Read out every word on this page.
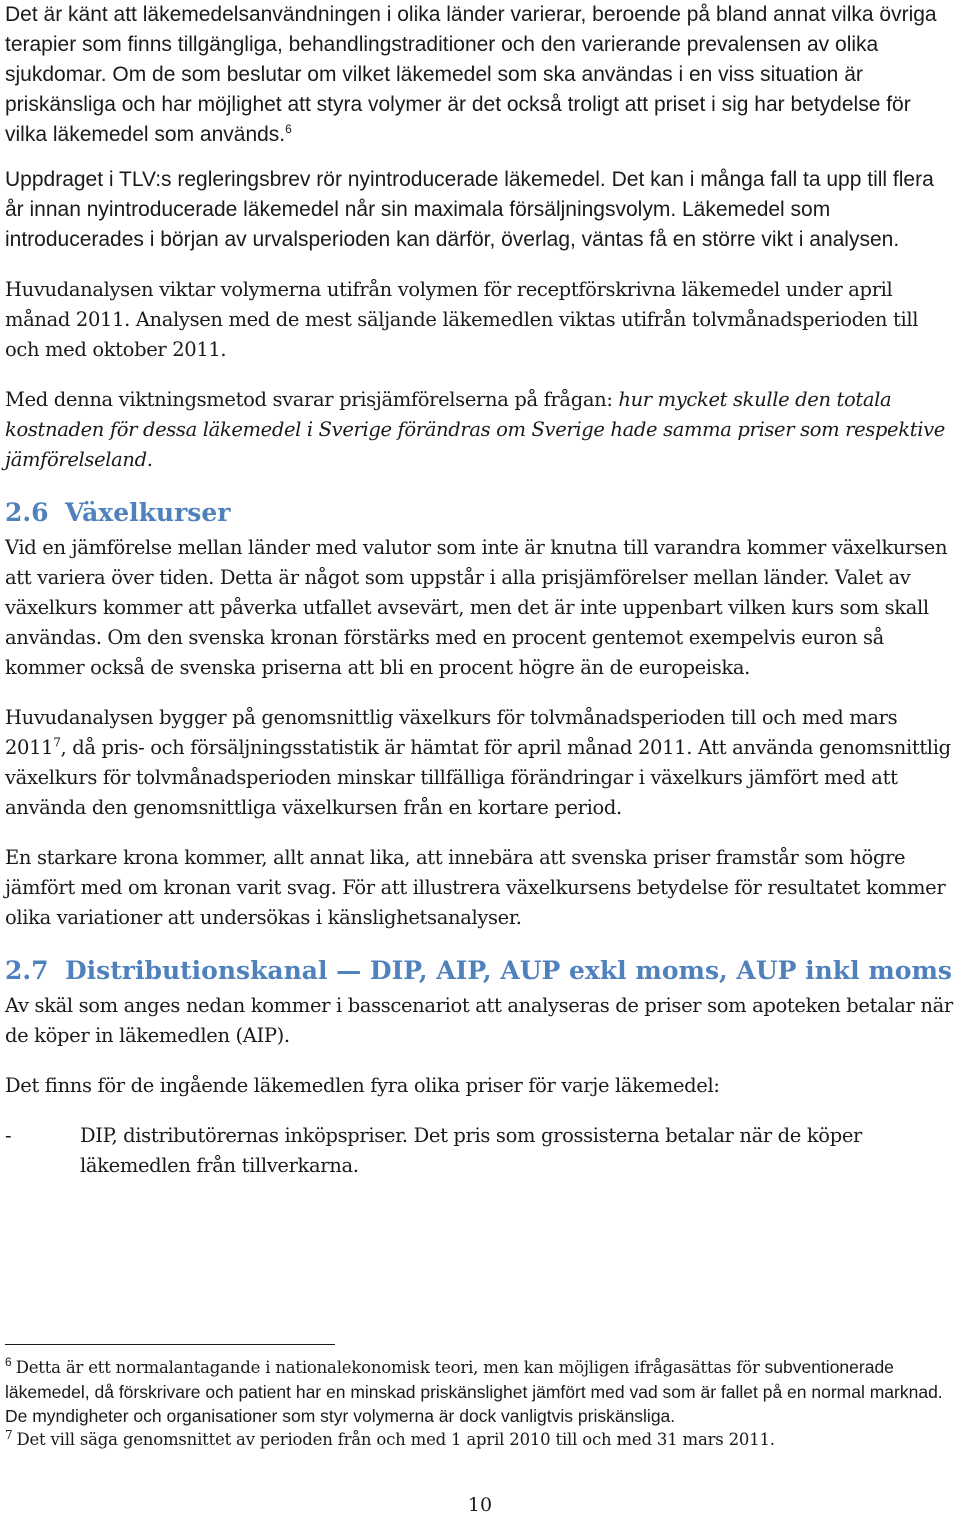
Det är känt att läkemedelsanvändningen i olika länder varierar, beroende på bland annat vilka övriga terapier som finns tillgängliga, behandlingstraditioner och den varierande prevalensen av olika sjukdomar. Om de som beslutar om vilket läkemedel som ska användas i en viss situation är priskänsliga och har möjlighet att styra volymer är det också troligt att priset i sig har betydelse för vilka läkemedel som används.$^6$

Uppdraget i TLV:s regleringsbrev rör nyintroducerade läkemedel. Det kan i många fall ta upp till flera år innan nyintroducerade läkemedel når sin maximala försäljningsvolym. Läkemedel som introducerades i början av urvalsperioden kan därför, överlag, väntas få en större vikt i analysen.

Huvudanalysen viktar volymerna utifrån volymen för receptförskrivna läkemedel under april månad 2011. Analysen med de mest säljande läkemedlen viktas utifrån tolvmånadsperioden till och med oktober 2011.

Med denna viktningsmetod svarar prisjämförelserna på frågan: hur mycket skulle den totala kostnaden för dessa läkemedel i Sverige förändras om Sverige hade samma priser som respektive jämförelseland.

2.6 Växelkurser

Vid en jämförelse mellan länder med valutor som inte är knutna till varandra kommer växelkursen att variera över tiden. Detta är något som uppstår i alla prisjämförelser mellan länder. Valet av växelkurs kommer att påverka utfallet avsevärt, men det är inte uppenbart vilken kurs som skall användas. Om den svenska kronan förstärks med en procent gentemot exempelvis euron så kommer också de svenska priserna att bli en procent högre än de europeiska.

Huvudanalysen bygger på genomsnittlig växelkurs för tolvmånadsperioden till och med mars 2011$^7$, då pris- och försäljningsstatistik är hämtat för april månad 2011. Att använda genomsnittlig växelkurs för tolvmånadsperioden minskar tillfälliga förändringar i växelkurs jämfört med att använda den genomsnittliga växelkursen från en kortare period.

En starkare krona kommer, allt annat lika, att innebära att svenska priser framstår som högre jämfört med om kronan varit svag. För att illustrera växelkursens betydelse för resultatet kommer olika variationer att undersökas i känslighetsanalyser.

2.7 Distributionskanal — DIP, AIP, AUP exkl moms, AUP inkl moms

Av skäl som anges nedan kommer i basscenariot att analyseras de priser som apoteken betalar när de köper in läkemedlen (AIP).

Det finns för de ingående läkemedlen fyra olika priser för varje läkemedel:

-	DIP, distributörernas inköpspriser. Det pris som grossisterna betalar när de köper läkemedlen från tillverkarna.

$^6$ Detta är ett normalantagande i nationalekonomisk teori, men kan möjligen ifrågasättas för subventionerade läkemedel, då förskrivare och patient har en minskad priskänslighet jämfört med vad som är fallet på en normal marknad. De myndigheter och organisationer som styr volymerna är dock vanligtvis priskänsliga.

$^7$ Det vill säga genomsnittet av perioden från och med 1 april 2010 till och med 31 mars 2011.

10
